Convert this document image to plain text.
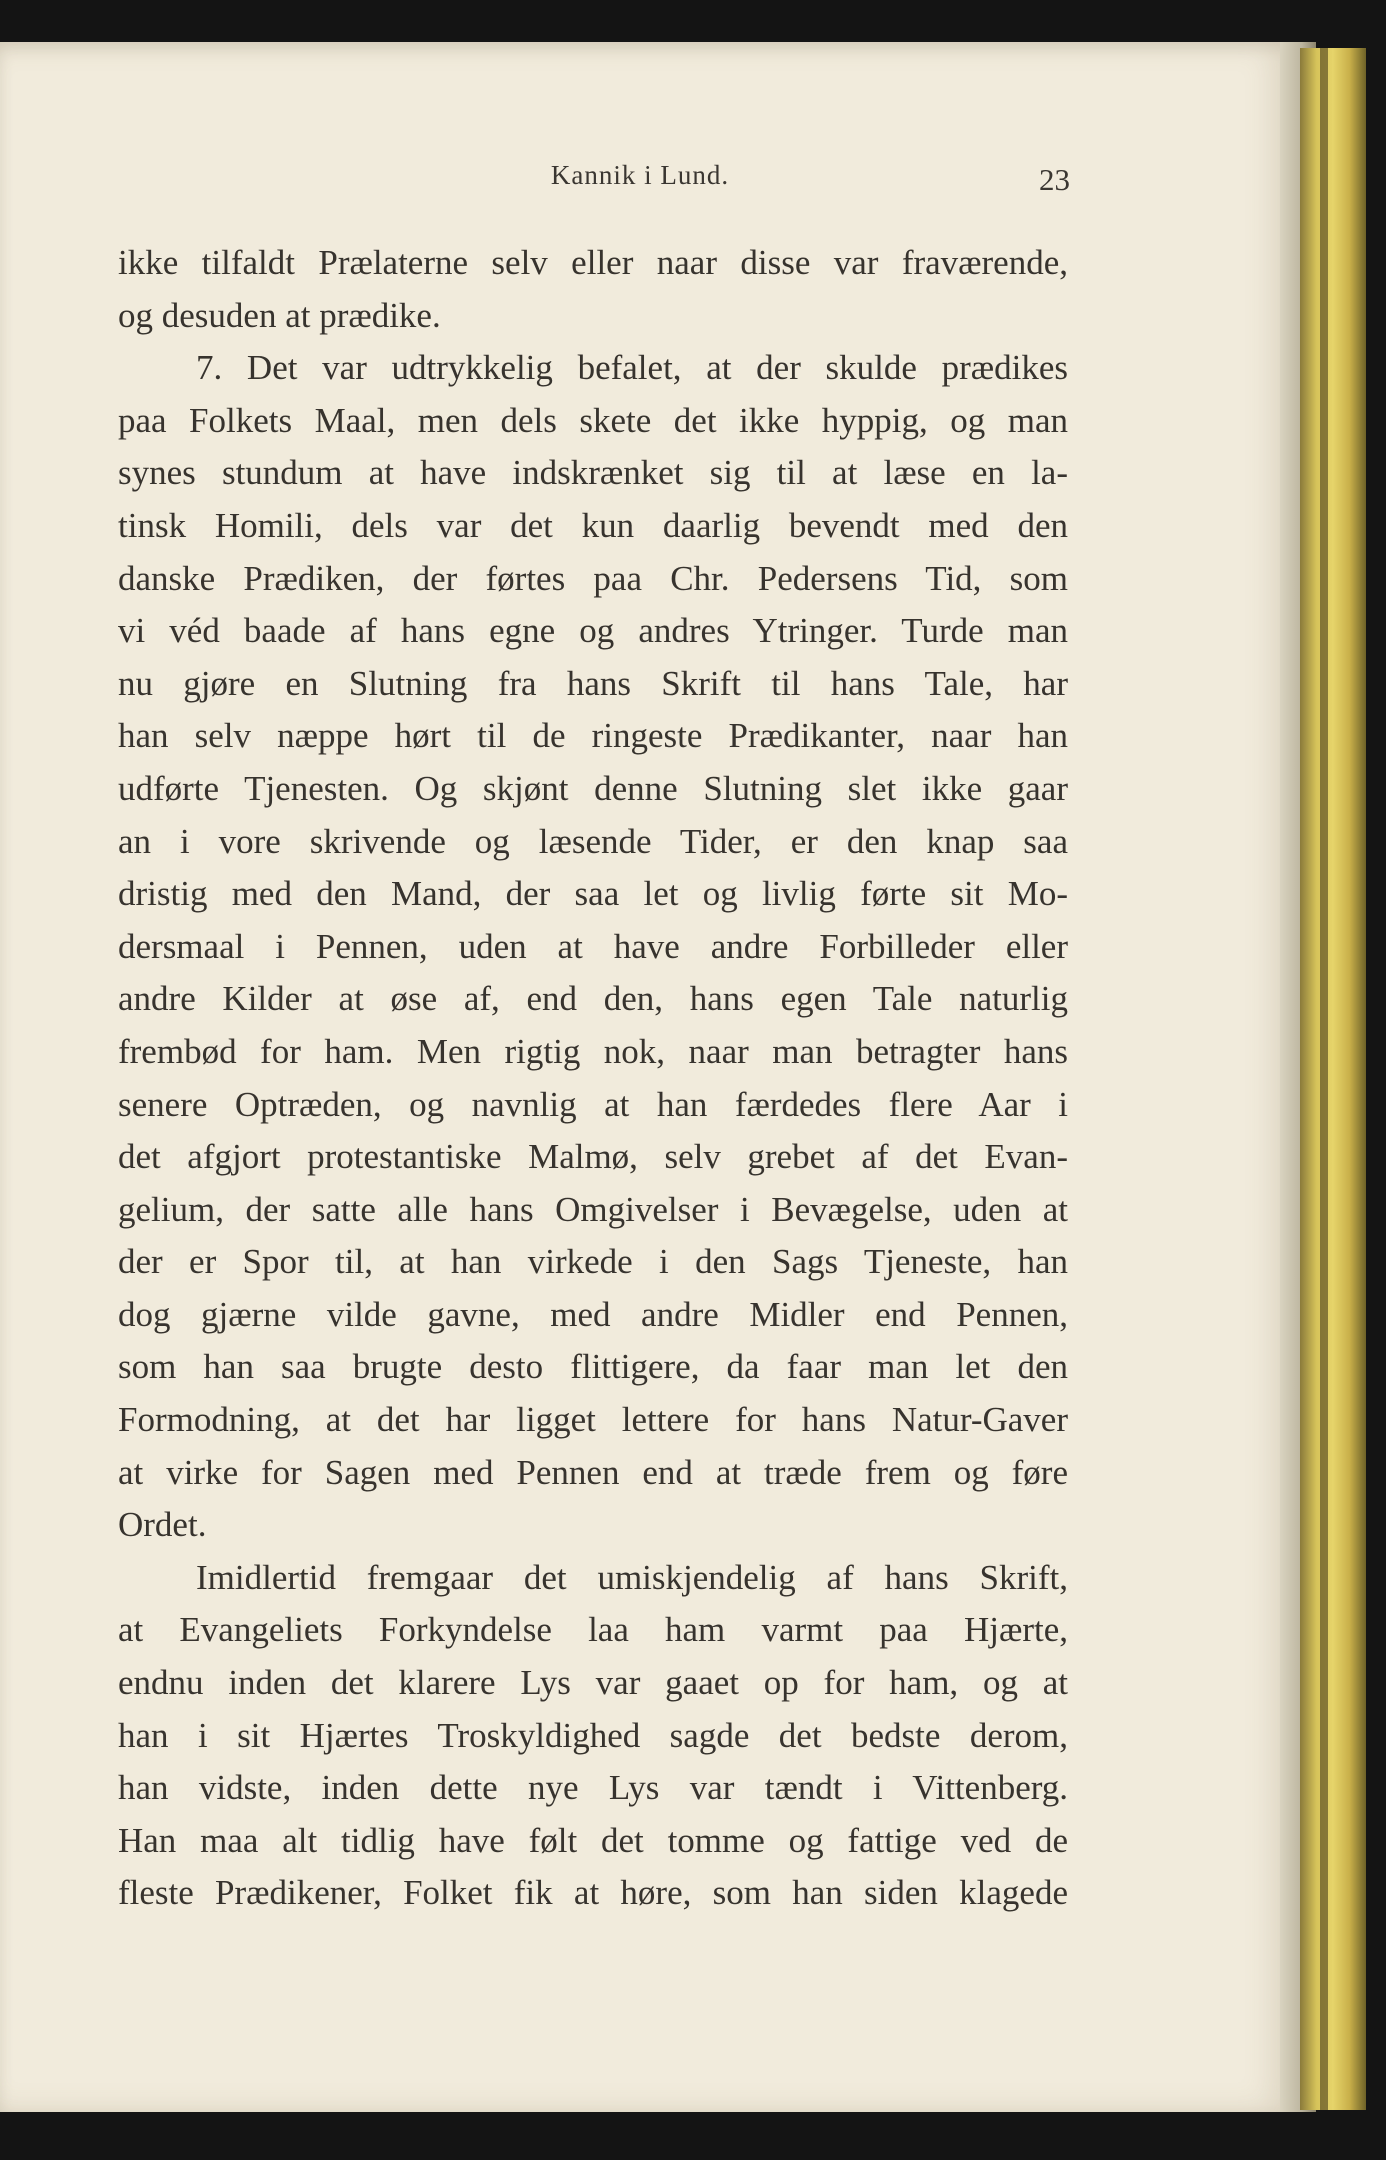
Kannik i Lund.	23
ikke tilfaldt Prælaterne selv eller naar disse var fraværende,
og desuden at prædike.
7. Det var udtrykkelig befalet, at der skulde prædikes
paa Folkets Maal, men dels skete det ikke hyppig, og man
synes stundum at have indskrænket sig til at læse en la-
tinsk Homili, dels var det kun daarlig bevendt med den
danske Prædiken, der førtes paa Chr. Pedersens Tid, som
vi véd baade af hans egne og andres Ytringer. Turde man
nu gjøre en Slutning fra hans Skrift til hans Tale, har
han selv næppe hørt til de ringeste Prædikanter, naar han
udførte Tjenesten. Og skjønt denne Slutning slet ikke gaar
an i vore skrivende og læsende Tider, er den knap saa
dristig med den Mand, der saa let og livlig førte sit Mo-
dersmaal i Pennen, uden at have andre Forbilleder eller
andre Kilder at øse af, end den, hans egen Tale naturlig
frembød for ham. Men rigtig nok, naar man betragter hans
senere Optræden, og navnlig at han færdedes flere Aar i
det afgjort protestantiske Malmø, selv grebet af det Evan-
gelium, der satte alle hans Omgivelser i Bevægelse, uden at
der er Spor til, at han virkede i den Sags Tjeneste, han
dog gjærne vilde gavne, med andre Midler end Pennen,
som han saa brugte desto flittigere, da faar man let den
Formodning, at det har ligget lettere for hans Natur-Gaver
at virke for Sagen med Pennen end at træde frem og føre
Ordet.
Imidlertid fremgaar det umiskjendelig af hans Skrift,
at Evangeliets Forkyndelse laa ham varmt paa Hjærte,
endnu inden det klarere Lys var gaaet op for ham, og at
han i sit Hjærtes Troskyldighed sagde det bedste derom,
han vidste, inden dette nye Lys var tændt i Vittenberg.
Han maa alt tidlig have følt det tomme og fattige ved de
fleste Prædikener, Folket fik at høre, som han siden klagede
